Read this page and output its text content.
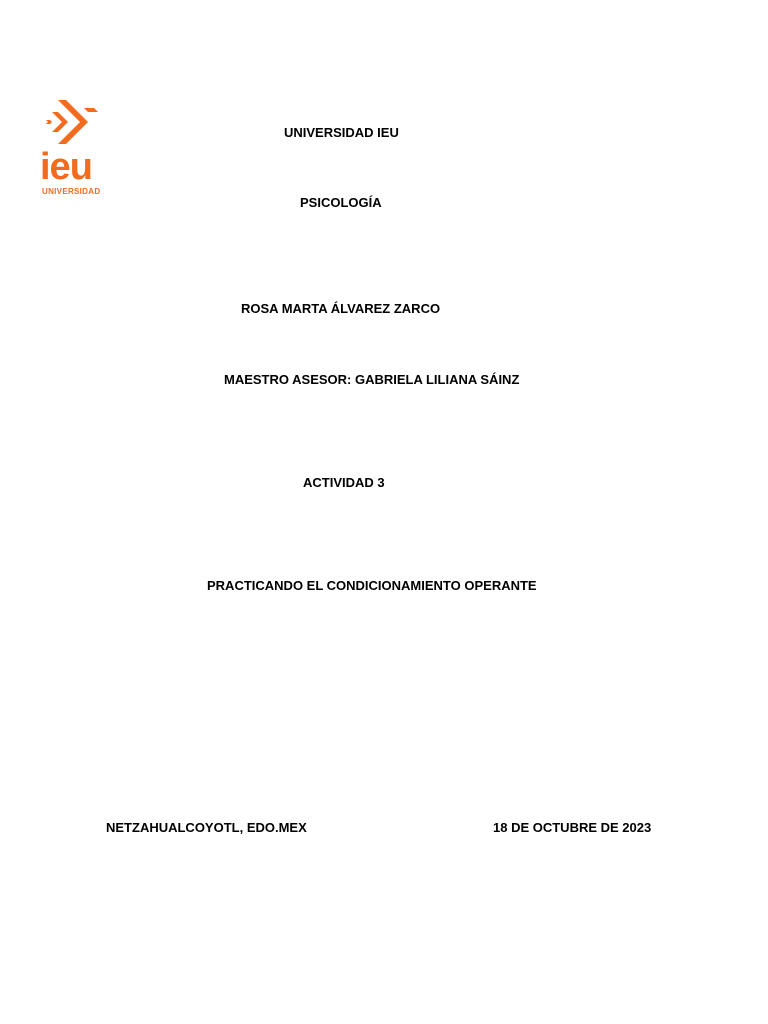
ieu
UNIVERSIDAD

UNIVERSIDAD IEU

PSICOLOGÍA

ROSA MARTA ÁLVAREZ ZARCO

MAESTRO ASESOR: GABRIELA LILIANA SÁINZ

ACTIVIDAD 3

PRACTICANDO EL CONDICIONAMIENTO OPERANTE

NETZAHUALCOYOTL, EDO.MEX	18 DE OCTUBRE DE 2023
